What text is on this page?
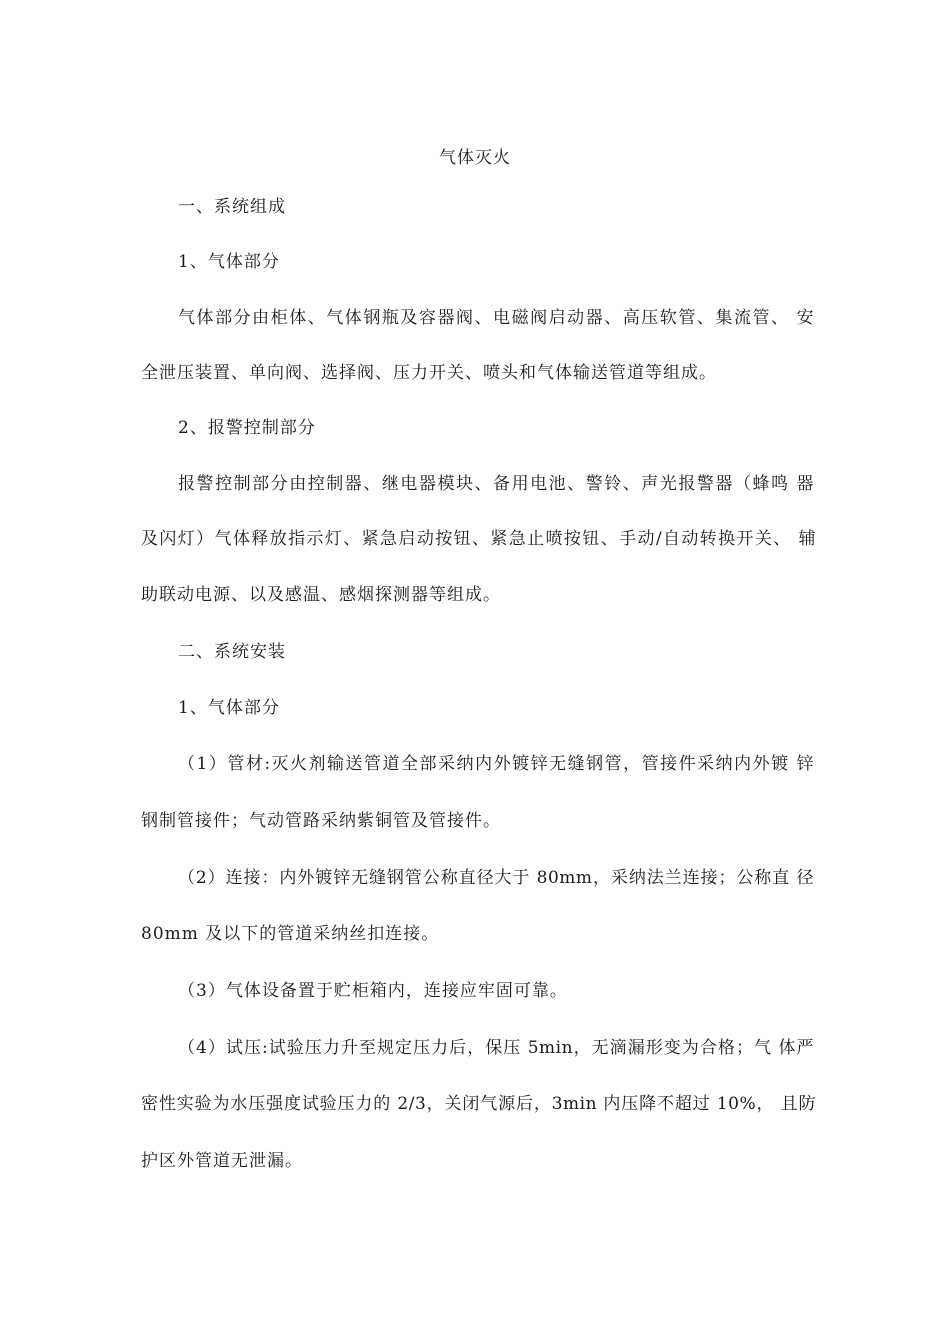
气体灭火
一、系统组成
1、气体部分
气体部分由柜体、气体钢瓶及容器阀、电磁阀启动器、高压软管、集流管、 安
全泄压装置、单向阀、选择阀、压力开关、喷头和气体输送管道等组成。
2、报警控制部分
报警控制部分由控制器、继电器模块、备用电池、警铃、声光报警器（蜂鸣 器
及闪灯）气体释放指示灯、紧急启动按钮、紧急止喷按钮、手动/自动转换开关、 辅
助联动电源、以及感温、感烟探测器等组成。
二、系统安装
1、气体部分
（1）管材:灭火剂输送管道全部采纳内外镀锌无缝钢管，管接件采纳内外镀 锌
钢制管接件；气动管路采纳紫铜管及管接件。
（2）连接：内外镀锌无缝钢管公称直径大于 80mm，采纳法兰连接；公称直 径
80mm 及以下的管道采纳丝扣连接。
（3）气体设备置于贮柜箱内，连接应牢固可靠。
（4）试压:试验压力升至规定压力后，保压 5min，无滴漏形变为合格；气 体严
密性实验为水压强度试验压力的 2/3，关闭气源后，3min 内压降不超过 10%， 且防
护区外管道无泄漏。
